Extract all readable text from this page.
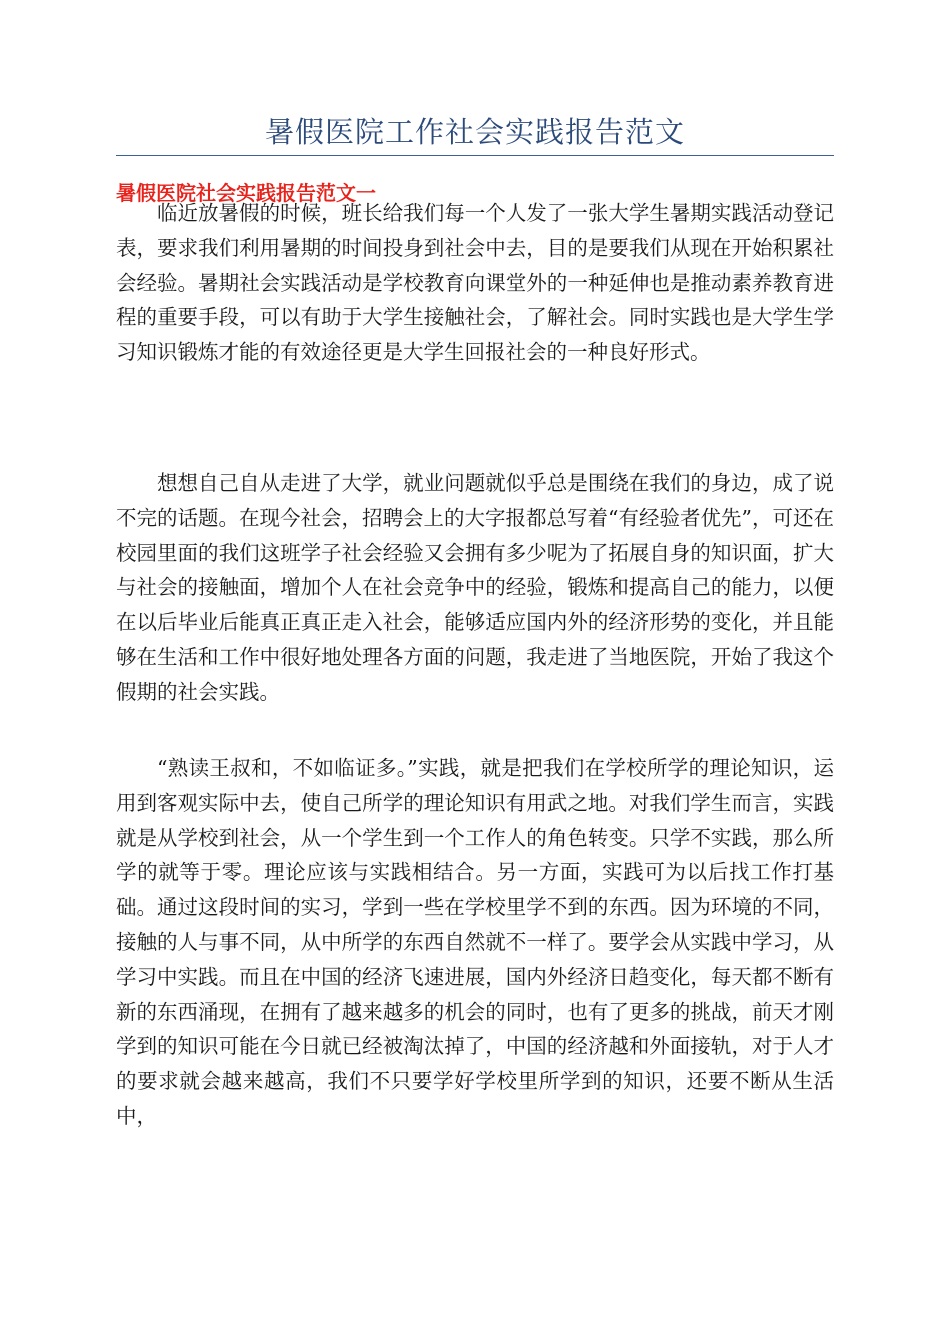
暑假医院工作社会实践报告范文
暑假医院社会实践报告范文一

临近放暑假的时候，班长给我们每一个人发了一张大学生暑期实践活动登记表，要求我们利用暑期的时间投身到社会中去，目的是要我们从现在开始积累社会经验。暑期社会实践活动是学校教育向课堂外的一种延伸也是推动素养教育进程的重要手段，可以有助于大学生接触社会，了解社会。同时实践也是大学生学习知识锻炼才能的有效途径更是大学生回报社会的一种良好形式。

想想自己自从走进了大学，就业问题就似乎总是围绕在我们的身边，成了说不完的话题。在现今社会，招聘会上的大字报都总写着“有经验者优先”，可还在校园里面的我们这班学子社会经验又会拥有多少呢为了拓展自身的知识面，扩大与社会的接触面，增加个人在社会竞争中的经验，锻炼和提高自己的能力，以便在以后毕业后能真正真正走入社会，能够适应国内外的经济形势的变化，并且能够在生活和工作中很好地处理各方面的问题，我走进了当地医院，开始了我这个假期的社会实践。

“熟读王叔和，不如临证多。”实践，就是把我们在学校所学的理论知识，运用到客观实际中去，使自己所学的理论知识有用武之地。对我们学生而言，实践就是从学校到社会，从一个学生到一个工作人的角色转变。只学不实践，那么所学的就等于零。理论应该与实践相结合。另一方面，实践可为以后找工作打基础。通过这段时间的实习，学到一些在学校里学不到的东西。因为环境的不同，接触的人与事不同，从中所学的东西自然就不一样了。要学会从实践中学习，从学习中实践。而且在中国的经济飞速进展，国内外经济日趋变化，每天都不断有新的东西涌现，在拥有了越来越多的机会的同时，也有了更多的挑战，前天才刚学到的知识可能在今日就已经被淘汰掉了，中国的经济越和外面接轨，对于人才的要求就会越来越高，我们不只要学好学校里所学到的知识，还要不断从生活中，
